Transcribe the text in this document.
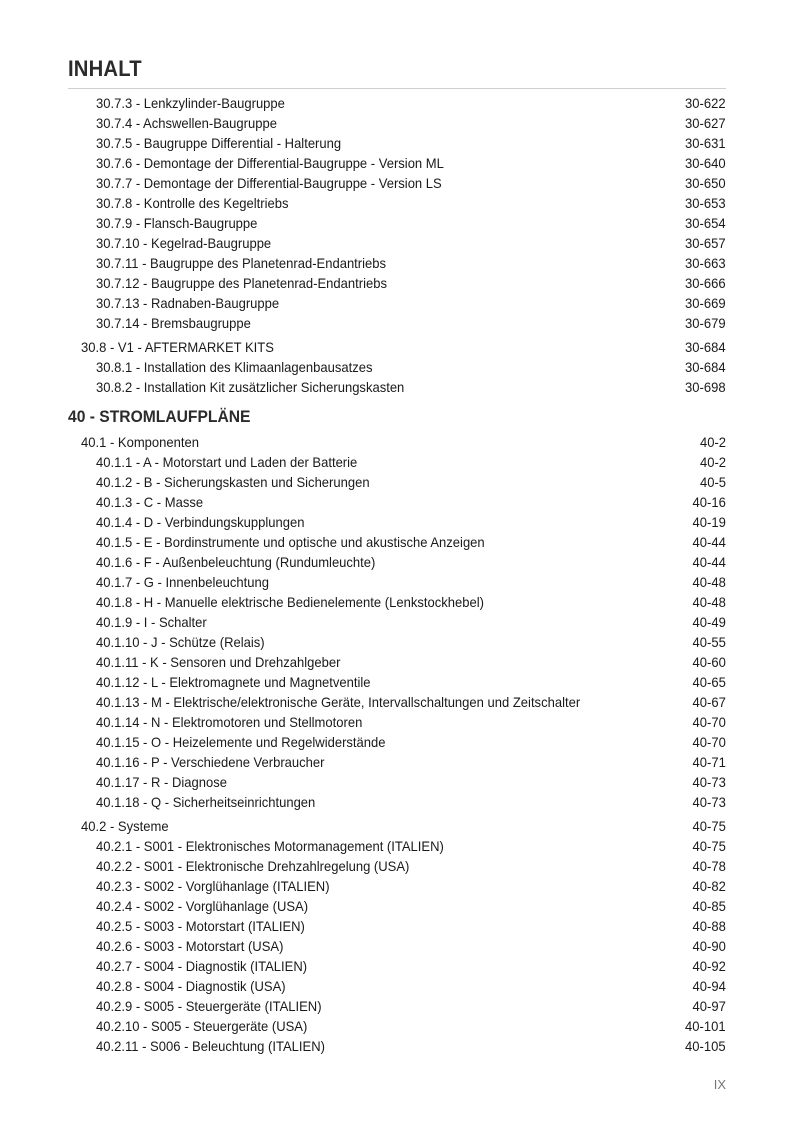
INHALT
30.7.3 - Lenkzylinder-Baugruppe	30-622
30.7.4 - Achswellen-Baugruppe	30-627
30.7.5 - Baugruppe Differential - Halterung	30-631
30.7.6 - Demontage der Differential-Baugruppe - Version ML	30-640
30.7.7 - Demontage der Differential-Baugruppe - Version LS	30-650
30.7.8 - Kontrolle des Kegeltriebs	30-653
30.7.9 - Flansch-Baugruppe	30-654
30.7.10 - Kegelrad-Baugruppe	30-657
30.7.11 - Baugruppe des Planetenrad-Endantriebs	30-663
30.7.12 - Baugruppe des Planetenrad-Endantriebs	30-666
30.7.13 - Radnaben-Baugruppe	30-669
30.7.14 - Bremsbaugruppe	30-679
30.8 - V1 - AFTERMARKET KITS	30-684
30.8.1 - Installation des Klimaanlagenbausatzes	30-684
30.8.2 - Installation Kit zusätzlicher Sicherungskasten	30-698
40 - STROMLAUFPLÄNE
40.1 - Komponenten	40-2
40.1.1 - A - Motorstart und Laden der Batterie	40-2
40.1.2 - B - Sicherungskasten und Sicherungen	40-5
40.1.3 - C - Masse	40-16
40.1.4 - D - Verbindungskupplungen	40-19
40.1.5 - E - Bordinstrumente und optische und akustische Anzeigen	40-44
40.1.6 - F - Außenbeleuchtung (Rundumleuchte)	40-44
40.1.7 - G - Innenbeleuchtung	40-48
40.1.8 - H - Manuelle elektrische Bedienelemente (Lenkstockhebel)	40-48
40.1.9 - I - Schalter	40-49
40.1.10 - J - Schütze (Relais)	40-55
40.1.11 - K - Sensoren und Drehzahlgeber	40-60
40.1.12 - L - Elektromagnete und Magnetventile	40-65
40.1.13 - M - Elektrische/elektronische Geräte, Intervallschaltungen und Zeitschalter	40-67
40.1.14 - N - Elektromotoren und Stellmotoren	40-70
40.1.15 - O - Heizelemente und Regelwiderstände	40-70
40.1.16 - P - Verschiedene Verbraucher	40-71
40.1.17 - R - Diagnose	40-73
40.1.18 - Q - Sicherheitseinrichtungen	40-73
40.2 - Systeme	40-75
40.2.1 - S001 - Elektronisches Motormanagement (ITALIEN)	40-75
40.2.2 - S001 - Elektronische Drehzahlregelung (USA)	40-78
40.2.3 - S002 - Vorglühanlage (ITALIEN)	40-82
40.2.4 - S002 - Vorglühanlage (USA)	40-85
40.2.5 - S003 - Motorstart (ITALIEN)	40-88
40.2.6 - S003 - Motorstart (USA)	40-90
40.2.7 - S004 - Diagnostik (ITALIEN)	40-92
40.2.8 - S004 - Diagnostik (USA)	40-94
40.2.9 - S005 - Steuergeräte (ITALIEN)	40-97
40.2.10 - S005 - Steuergeräte (USA)	40-101
40.2.11 - S006 - Beleuchtung (ITALIEN)	40-105
IX
